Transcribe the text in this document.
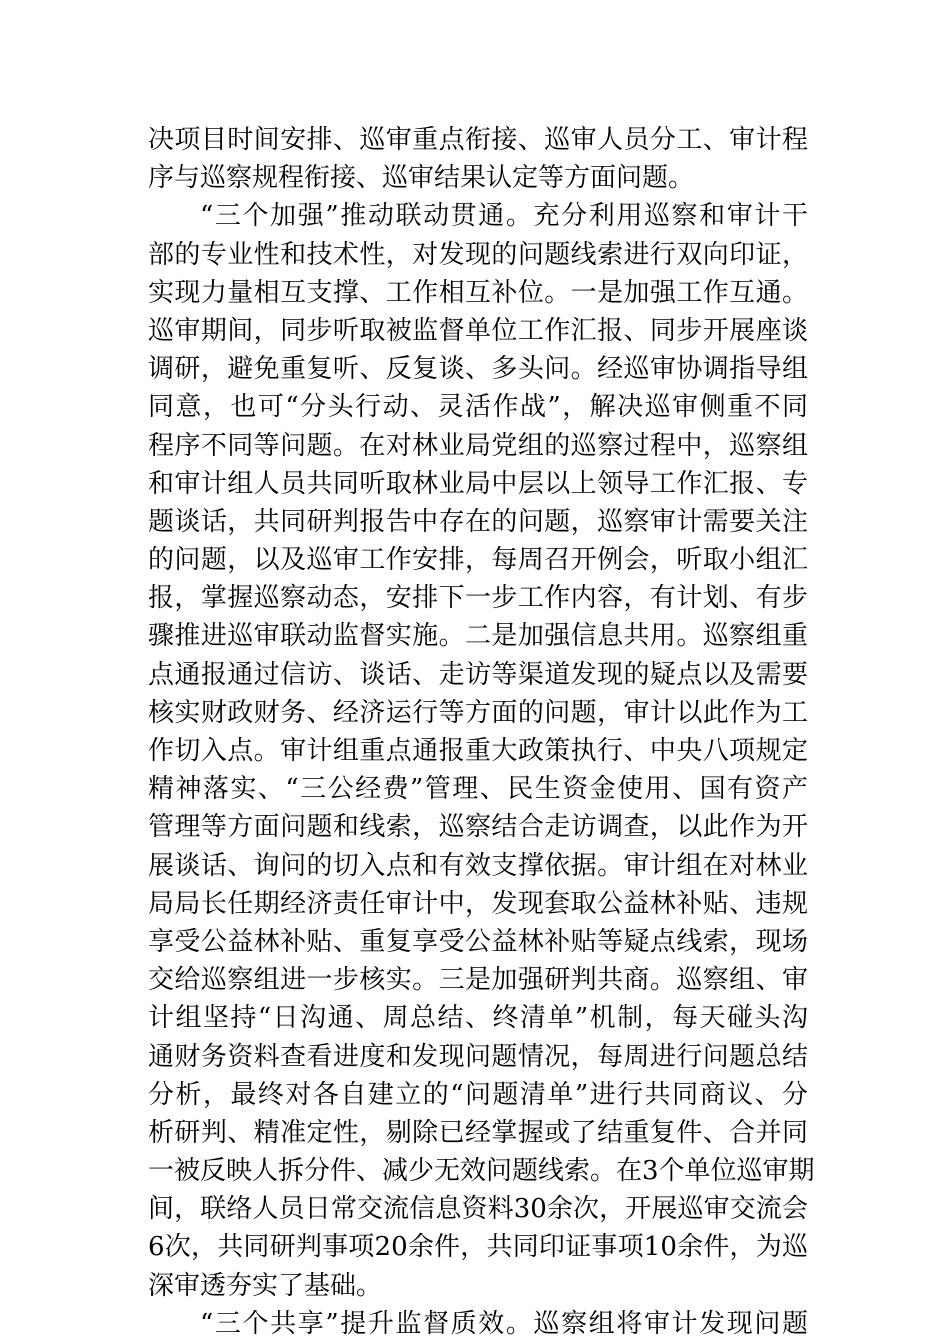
决项目时间安排、巡审重点衔接、巡审人员分工、审计程
序与巡察规程衔接、巡审结果认定等方面问题。
“三个加强”推动联动贯通。充分利用巡察和审计干
部的专业性和技术性，对发现的问题线索进行双向印证，
实现力量相互支撑、工作相互补位。一是加强工作互通。
巡审期间，同步听取被监督单位工作汇报、同步开展座谈
调研，避免重复听、反复谈、多头问。经巡审协调指导组
同意，也可“分头行动、灵活作战”，解决巡审侧重不同
程序不同等问题。在对林业局党组的巡察过程中，巡察组
和审计组人员共同听取林业局中层以上领导工作汇报、专
题谈话，共同研判报告中存在的问题，巡察审计需要关注
的问题，以及巡审工作安排，每周召开例会，听取小组汇
报，掌握巡察动态，安排下一步工作内容，有计划、有步
骤推进巡审联动监督实施。二是加强信息共用。巡察组重
点通报通过信访、谈话、走访等渠道发现的疑点以及需要
核实财政财务、经济运行等方面的问题，审计以此作为工
作切入点。审计组重点通报重大政策执行、中央八项规定
精神落实、“三公经费”管理、民生资金使用、国有资产
管理等方面问题和线索，巡察结合走访调查，以此作为开
展谈话、询问的切入点和有效支撑依据。审计组在对林业
局局长任期经济责任审计中，发现套取公益林补贴、违规
享受公益林补贴、重复享受公益林补贴等疑点线索，现场
交给巡察组进一步核实。三是加强研判共商。巡察组、审
计组坚持“日沟通、周总结、终清单”机制，每天碰头沟
通财务资料查看进度和发现问题情况，每周进行问题总结
分析，最终对各自建立的“问题清单”进行共同商议、分
析研判、精准定性，剔除已经掌握或了结重复件、合并同
一被反映人拆分件、减少无效问题线索。在3个单位巡审期
间，联络人员日常交流信息资料30余次，开展巡审交流会
6次，共同研判事项20余件，共同印证事项10余件，为巡
深审透夯实了基础。
“三个共享”提升监督质效。巡察组将审计发现问题
